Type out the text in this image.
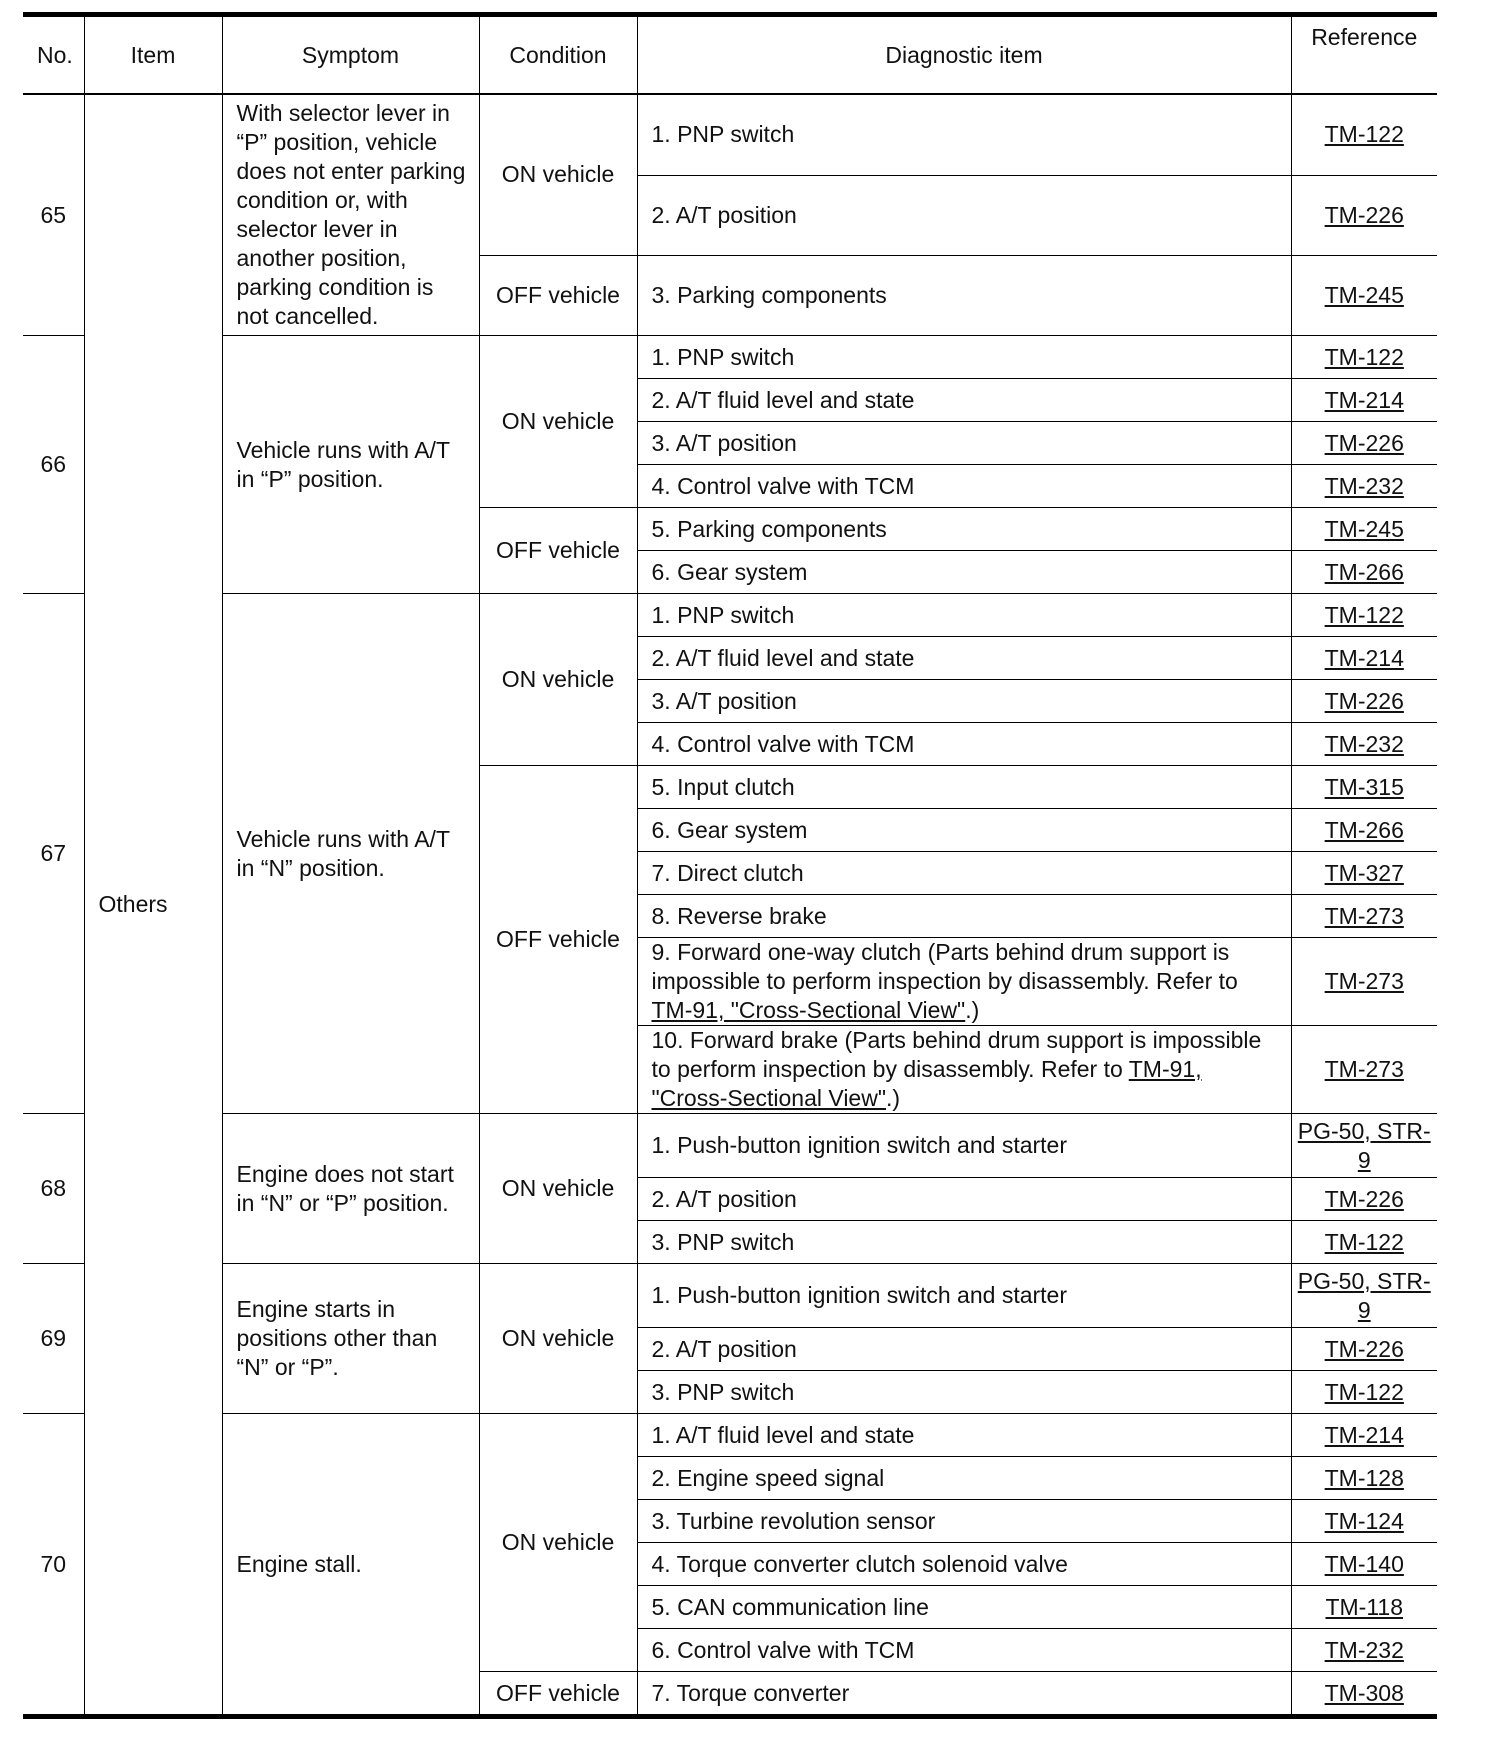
No.	Item	Symptom	Condition	Diagnostic item	Reference
65	Others	With selector lever in “P” position, vehicle does not enter parking condition or, with selector lever in another position, parking condition is not cancelled.	ON vehicle	1. PNP switch	TM-122
				2. A/T position	TM-226
			OFF vehicle	3. Parking components	TM-245
66		Vehicle runs with A/T in “P” position.	ON vehicle	1. PNP switch	TM-122
				2. A/T fluid level and state	TM-214
				3. A/T position	TM-226
				4. Control valve with TCM	TM-232
			OFF vehicle	5. Parking components	TM-245
				6. Gear system	TM-266
67		Vehicle runs with A/T in “N” position.	ON vehicle	1. PNP switch	TM-122
				2. A/T fluid level and state	TM-214
				3. A/T position	TM-226
				4. Control valve with TCM	TM-232
			OFF vehicle	5. Input clutch	TM-315
				6. Gear system	TM-266
				7. Direct clutch	TM-327
				8. Reverse brake	TM-273
				9. Forward one-way clutch (Parts behind drum support is impossible to perform inspection by disassembly. Refer to TM-91, "Cross-Sectional View".)	TM-273
				10. Forward brake (Parts behind drum support is impossible to perform inspection by disassembly. Refer to TM-91, "Cross-Sectional View".)	TM-273
68		Engine does not start in “N” or “P” position.	ON vehicle	1. Push-button ignition switch and starter	PG-50, STR-9
				2. A/T position	TM-226
				3. PNP switch	TM-122
69		Engine starts in positions other than “N” or “P”.	ON vehicle	1. Push-button ignition switch and starter	PG-50, STR-9
				2. A/T position	TM-226
				3. PNP switch	TM-122
70		Engine stall.	ON vehicle	1. A/T fluid level and state	TM-214
				2. Engine speed signal	TM-128
				3. Turbine revolution sensor	TM-124
				4. Torque converter clutch solenoid valve	TM-140
				5. CAN communication line	TM-118
				6. Control valve with TCM	TM-232
			OFF vehicle	7. Torque converter	TM-308
